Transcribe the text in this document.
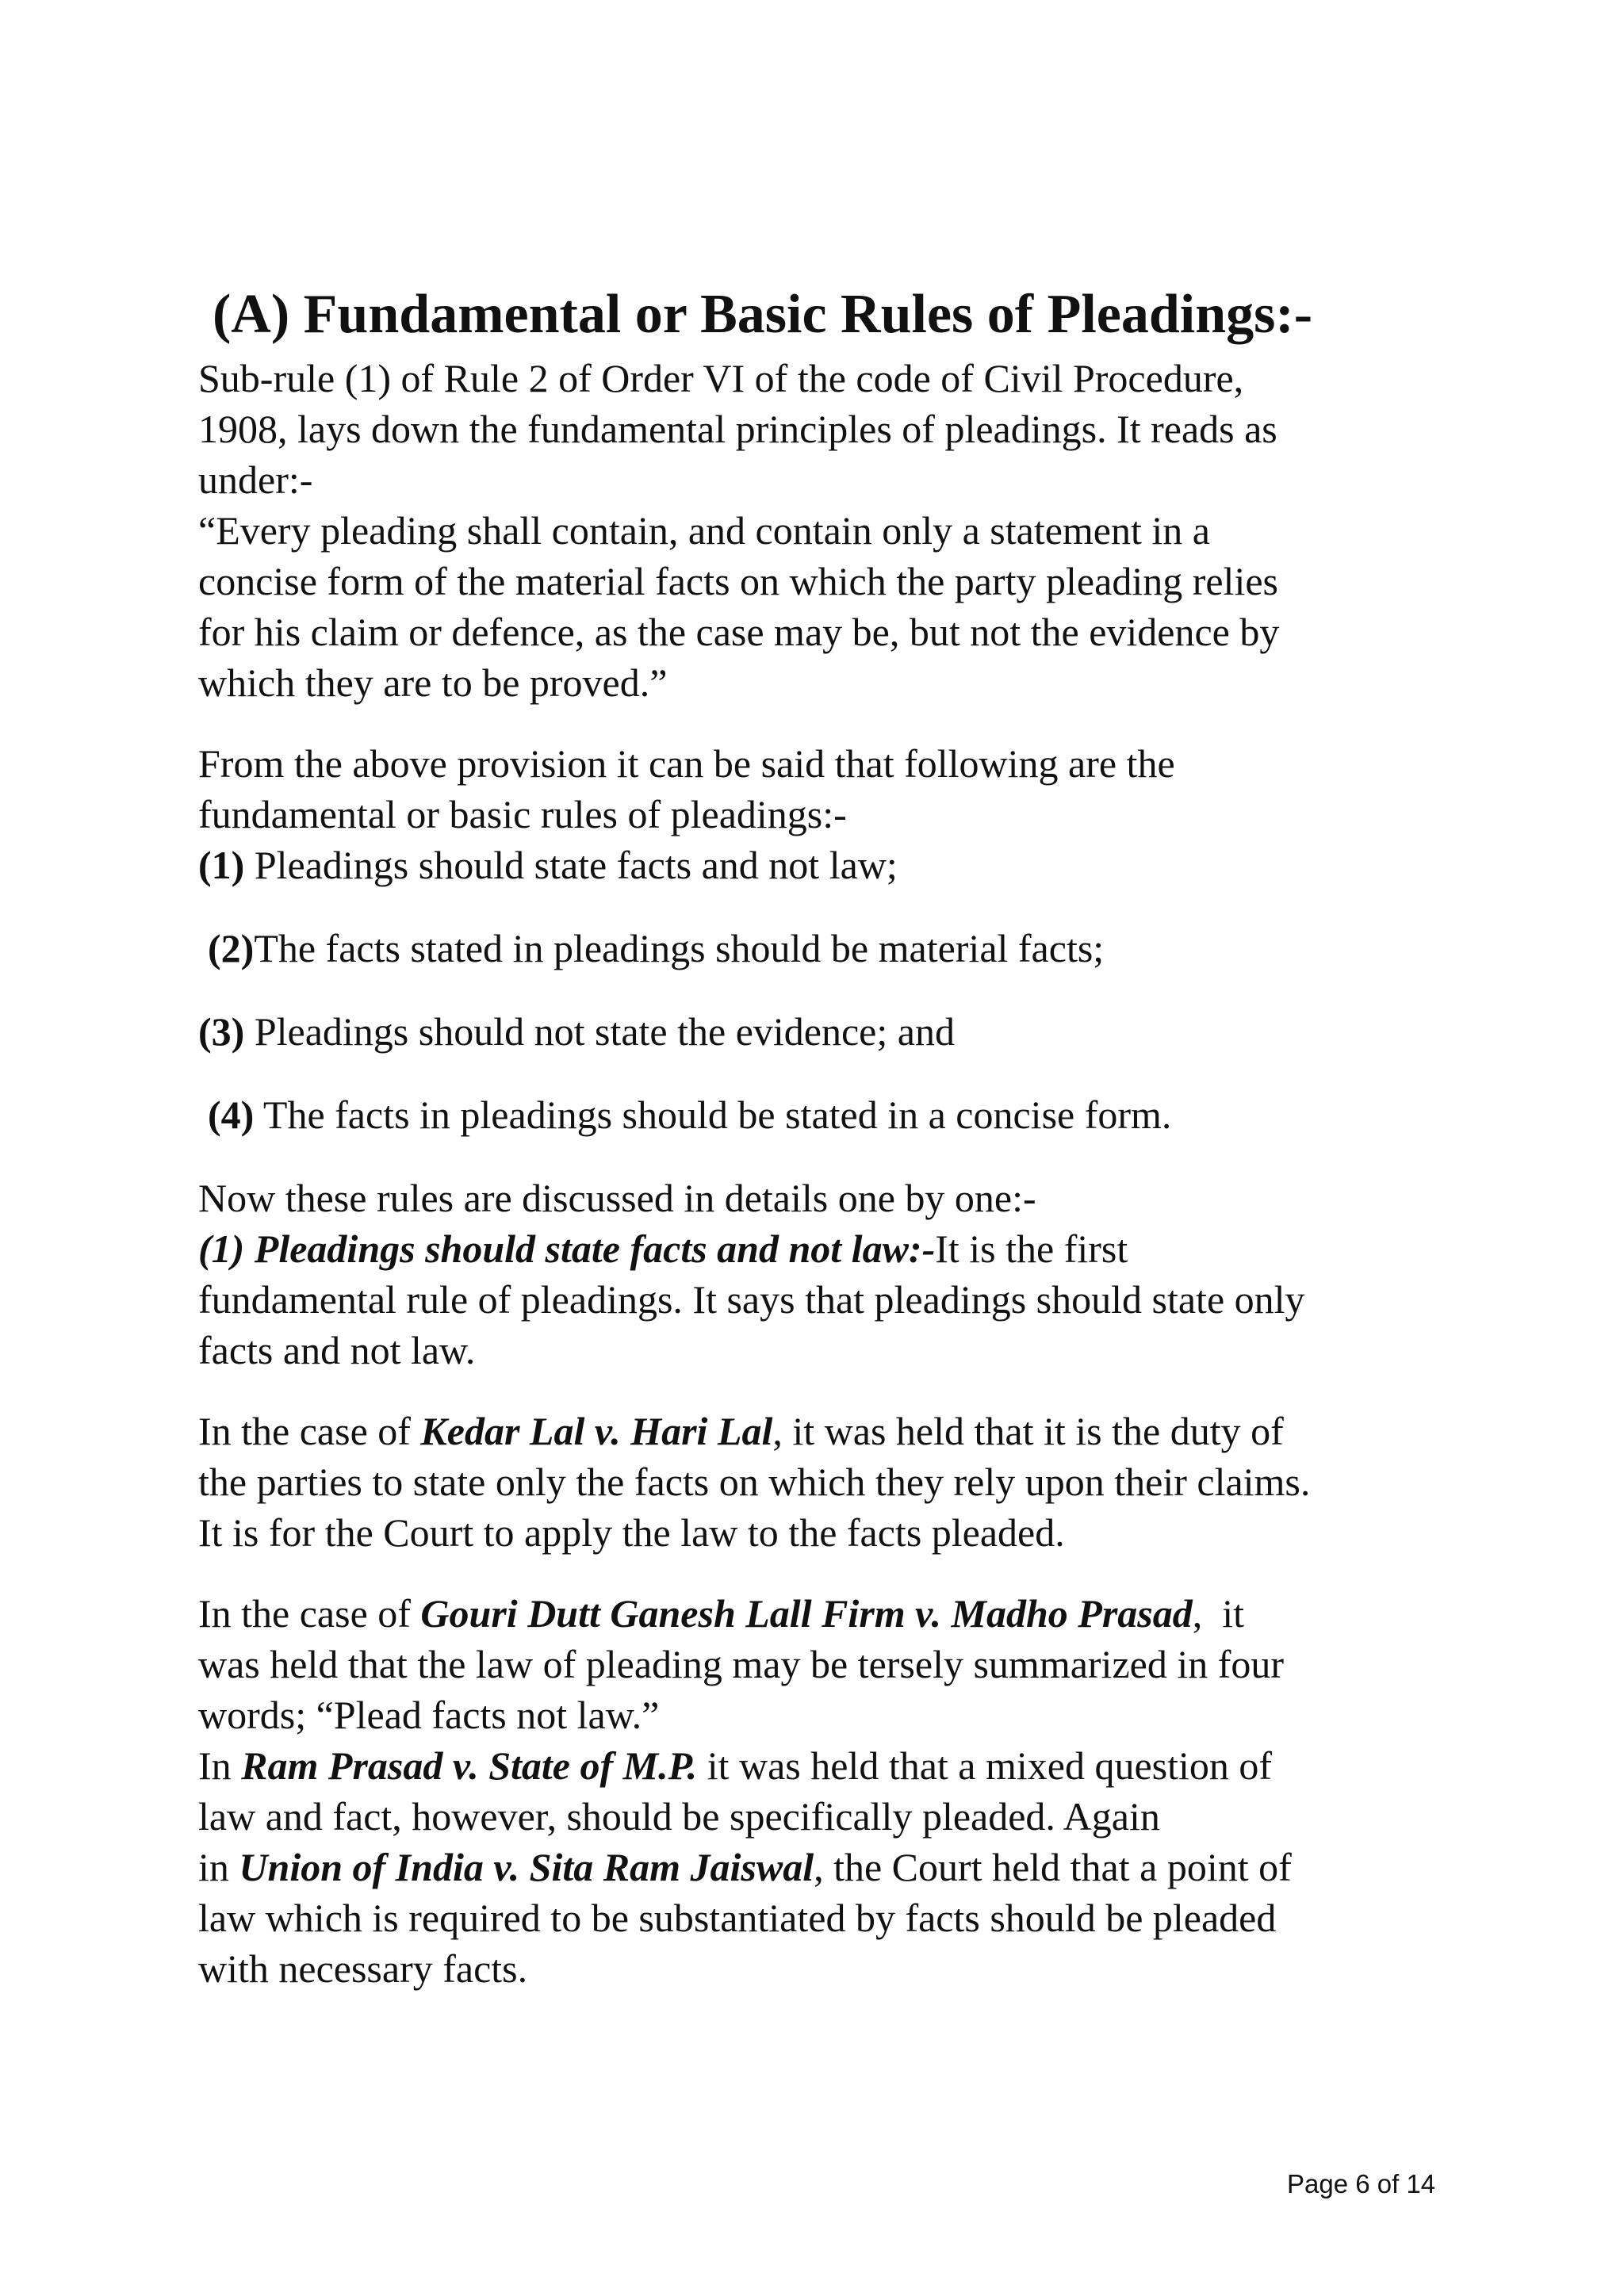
(A) Fundamental or Basic Rules of Pleadings:-
Sub-rule (1) of Rule 2 of Order VI of the code of Civil Procedure,
1908, lays down the fundamental principles of pleadings. It reads as
under:-
“Every pleading shall contain, and contain only a statement in a
concise form of the material facts on which the party pleading relies
for his claim or defence, as the case may be, but not the evidence by
which they are to be proved.”
From the above provision it can be said that following are the
fundamental or basic rules of pleadings:-
(1) Pleadings should state facts and not law;
(2)The facts stated in pleadings should be material facts;
(3) Pleadings should not state the evidence; and
(4) The facts in pleadings should be stated in a concise form.
Now these rules are discussed in details one by one:-
(1) Pleadings should state facts and not law:-It is the first
fundamental rule of pleadings. It says that pleadings should state only
facts and not law.
In the case of Kedar Lal v. Hari Lal, it was held that it is the duty of
the parties to state only the facts on which they rely upon their claims.
It is for the Court to apply the law to the facts pleaded.
In the case of Gouri Dutt Ganesh Lall Firm v. Madho Prasad,  it
was held that the law of pleading may be tersely summarized in four
words; “Plead facts not law.”
In Ram Prasad v. State of M.P. it was held that a mixed question of
law and fact, however, should be specifically pleaded. Again
in Union of India v. Sita Ram Jaiswal, the Court held that a point of
law which is required to be substantiated by facts should be pleaded
with necessary facts.
Page 6 of 14
